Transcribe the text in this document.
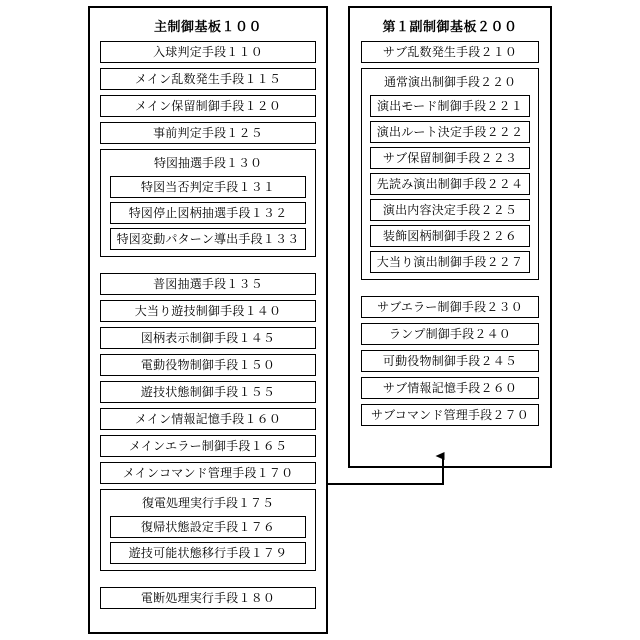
主制御基板１００
入球判定手段１１０
メイン乱数発生手段１１５
メイン保留制御手段１２０
事前判定手段１２５
特図抽選手段１３０
特図当否判定手段１３１
特図停止図柄抽選手段１３２
特図変動パターン導出手段１３３
普図抽選手段１３５
大当り遊技制御手段１４０
図柄表示制御手段１４５
電動役物制御手段１５０
遊技状態制御手段１５５
メイン情報記憶手段１６０
メインエラー制御手段１６５
メインコマンド管理手段１７０
復電処理実行手段１７５
復帰状態設定手段１７６
遊技可能状態移行手段１７９
電断処理実行手段１８０
第１副制御基板２００
サブ乱数発生手段２１０
通常演出制御手段２２０
演出モード制御手段２２１
演出ルート決定手段２２２
サブ保留制御手段２２３
先読み演出制御手段２２４
演出内容決定手段２２５
装飾図柄制御手段２２６
大当り演出制御手段２２７
サブエラー制御手段２３０
ランプ制御手段２４０
可動役物制御手段２４５
サブ情報記憶手段２６０
サブコマンド管理手段２７０
